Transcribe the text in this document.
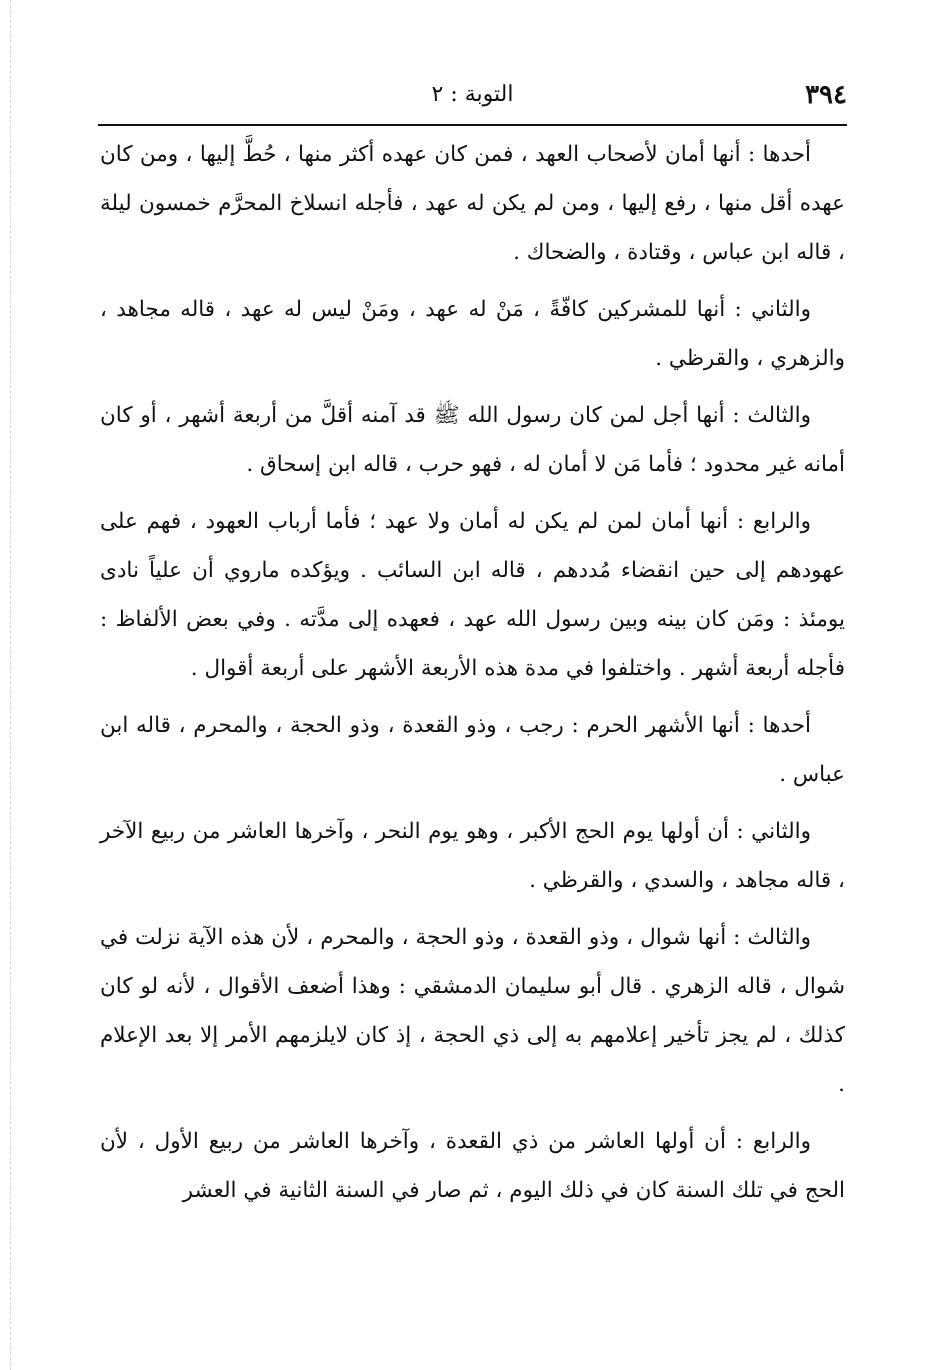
٣٩٤
التوبة : ٢

أحدها : أنها أمان لأصحاب العهد ، فمن كان عهده أكثر منها ، حُطَّ إليها ، ومن كان عهده أقل منها ، رفع إليها ، ومن لم يكن له عهد ، فأجله انسلاخ المحرَّم خمسون ليلة ، قاله ابن عباس ، وقتادة ، والضحاك .

والثاني : أنها للمشركين كافّةً ، مَنْ له عهد ، ومَنْ ليس له عهد ، قاله مجاهد ، والزهري ، والقرظي .

والثالث : أنها أجل لمن كان رسول الله ﷺ قد آمنه أقلَّ من أربعة أشهر ، أو كان أمانه غير محدود ؛ فأما مَن لا أمان له ، فهو حرب ، قاله ابن إسحاق .

والرابع : أنها أمان لمن لم يكن له أمان ولا عهد ؛ فأما أرباب العهود ، فهم على عهودهم إلى حين انقضاء مُددهم ، قاله ابن السائب . ويؤكده ماروي أن علياً نادى يومئذ : ومَن كان بينه وبين رسول الله عهد ، فعهده إلى مدَّته . وفي بعض الألفاظ : فأجله أربعة أشهر . واختلفوا في مدة هذه الأربعة الأشهر على أربعة أقوال .

أحدها : أنها الأشهر الحرم : رجب ، وذو القعدة ، وذو الحجة ، والمحرم ، قاله ابن عباس .

والثاني : أن أولها يوم الحج الأكبر ، وهو يوم النحر ، وآخرها العاشر من ربيع الآخر ، قاله مجاهد ، والسدي ، والقرظي .

والثالث : أنها شوال ، وذو القعدة ، وذو الحجة ، والمحرم ، لأن هذه الآية نزلت في شوال ، قاله الزهري . قال أبو سليمان الدمشقي : وهذا أضعف الأقوال ، لأنه لو كان كذلك ، لم يجز تأخير إعلامهم به إلى ذي الحجة ، إذ كان لايلزمهم الأمر إلا بعد الإعلام .

والرابع : أن أولها العاشر من ذي القعدة ، وآخرها العاشر من ربيع الأول ، لأن الحج في تلك السنة كان في ذلك اليوم ، ثم صار في السنة الثانية في العشر
